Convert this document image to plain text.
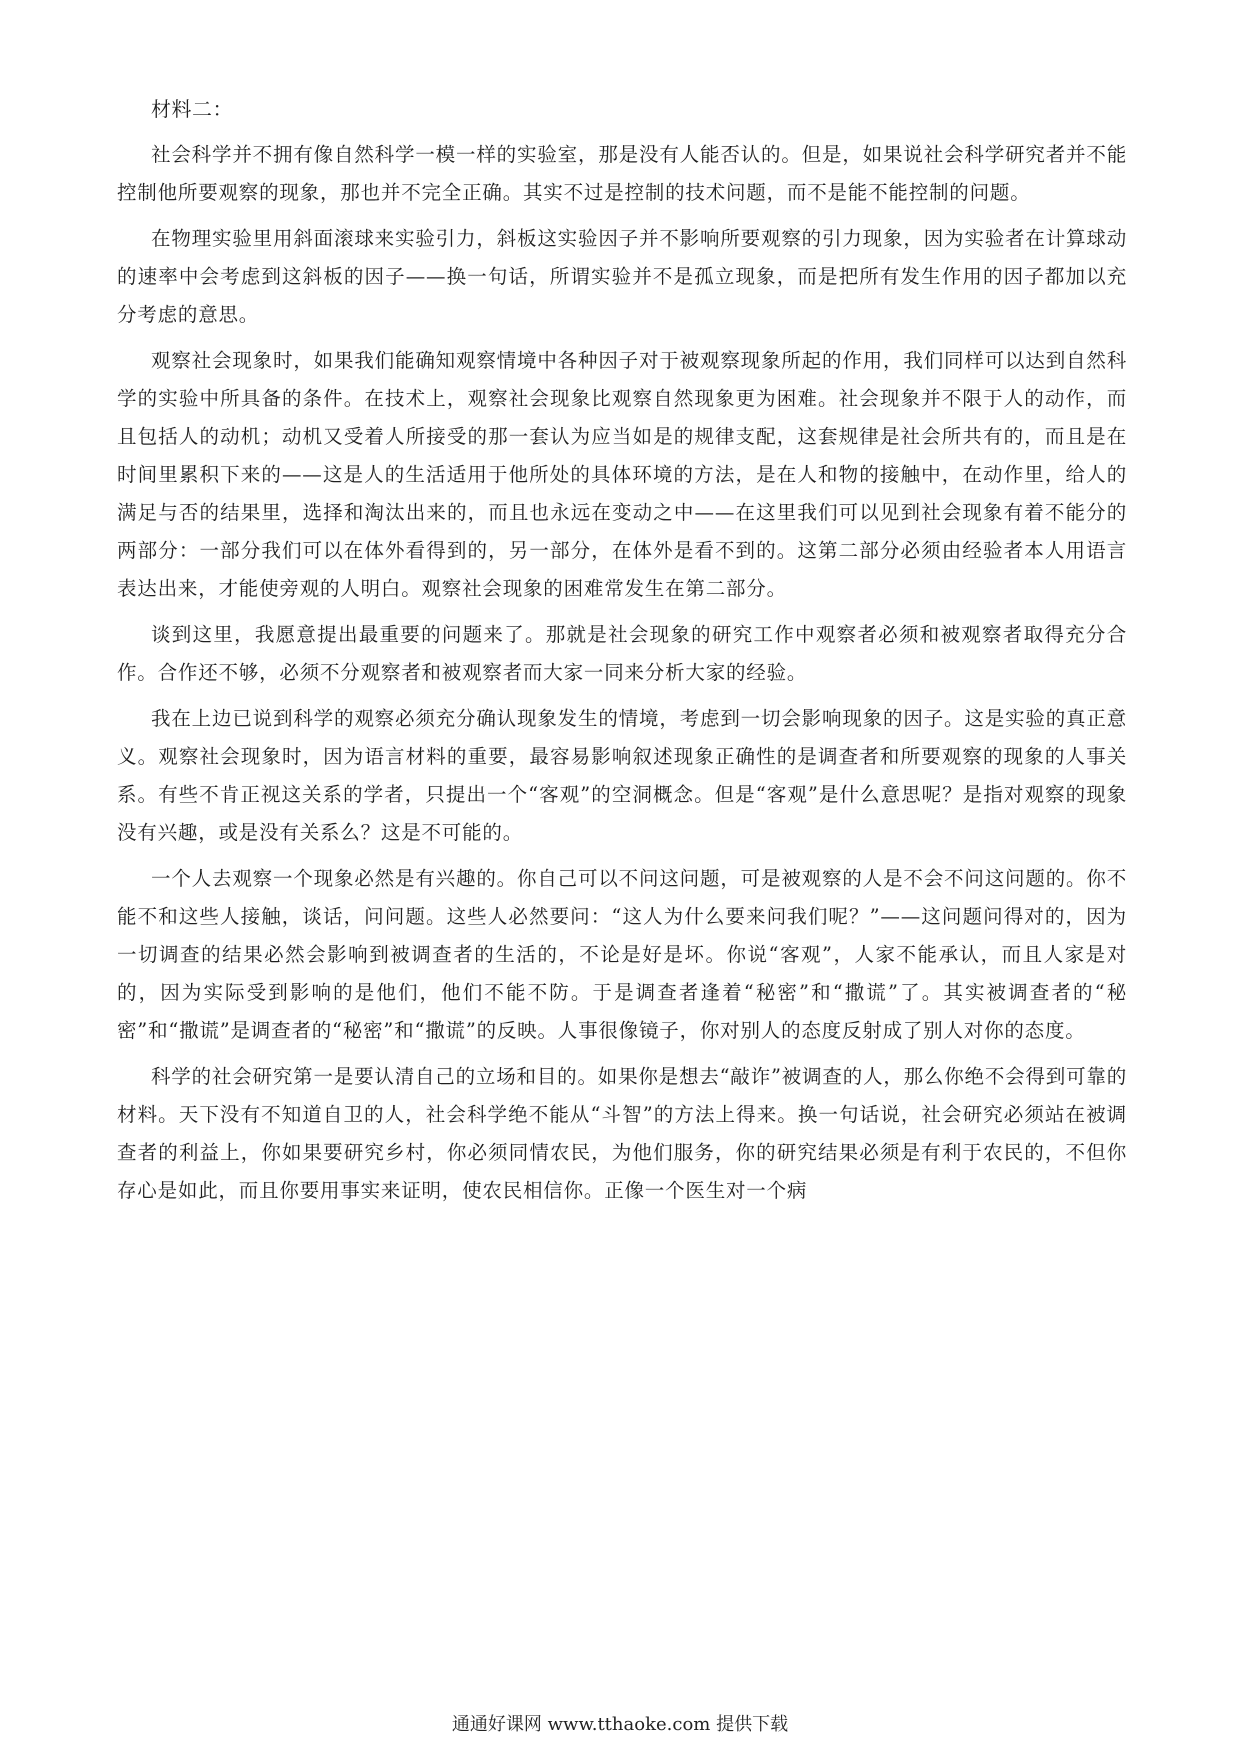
材料二：

社会科学并不拥有像自然科学一模一样的实验室，那是没有人能否认的。但是，如果说社会科学研究者并不能控制他所要观察的现象，那也并不完全正确。其实不过是控制的技术问题，而不是能不能控制的问题。

在物理实验里用斜面滚球来实验引力，斜板这实验因子并不影响所要观察的引力现象，因为实验者在计算球动的速率中会考虑到这斜板的因子——换一句话，所谓实验并不是孤立现象，而是把所有发生作用的因子都加以充分考虑的意思。

观察社会现象时，如果我们能确知观察情境中各种因子对于被观察现象所起的作用，我们同样可以达到自然科学的实验中所具备的条件。在技术上，观察社会现象比观察自然现象更为困难。社会现象并不限于人的动作，而且包括人的动机；动机又受着人所接受的那一套认为应当如是的规律支配，这套规律是社会所共有的，而且是在时间里累积下来的——这是人的生活适用于他所处的具体环境的方法，是在人和物的接触中，在动作里，给人的满足与否的结果里，选择和淘汰出来的，而且也永远在变动之中——在这里我们可以见到社会现象有着不能分的两部分：一部分我们可以在体外看得到的，另一部分，在体外是看不到的。这第二部分必须由经验者本人用语言表达出来，才能使旁观的人明白。观察社会现象的困难常发生在第二部分。

谈到这里，我愿意提出最重要的问题来了。那就是社会现象的研究工作中观察者必须和被观察者取得充分合作。合作还不够，必须不分观察者和被观察者而大家一同来分析大家的经验。

我在上边已说到科学的观察必须充分确认现象发生的情境，考虑到一切会影响现象的因子。这是实验的真正意义。观察社会现象时，因为语言材料的重要，最容易影响叙述现象正确性的是调查者和所要观察的现象的人事关系。有些不肯正视这关系的学者，只提出一个“客观”的空洞概念。但是“客观”是什么意思呢？是指对观察的现象没有兴趣，或是没有关系么？这是不可能的。

一个人去观察一个现象必然是有兴趣的。你自己可以不问这问题，可是被观察的人是不会不问这问题的。你不能不和这些人接触，谈话，问问题。这些人必然要问：“这人为什么要来问我们呢？”——这问题问得对的，因为一切调查的结果必然会影响到被调查者的生活的，不论是好是坏。你说“客观”，人家不能承认，而且人家是对的，因为实际受到影响的是他们，他们不能不防。于是调查者逢着“秘密”和“撒谎”了。其实被调查者的“秘密”和“撒谎”是调查者的“秘密”和“撒谎”的反映。人事很像镜子，你对别人的态度反射成了别人对你的态度。

科学的社会研究第一是要认清自己的立场和目的。如果你是想去“敲诈”被调查的人，那么你绝不会得到可靠的材料。天下没有不知道自卫的人，社会科学绝不能从“斗智”的方法上得来。换一句话说，社会研究必须站在被调查者的利益上，你如果要研究乡村，你必须同情农民，为他们服务，你的研究结果必须是有利于农民的，不但你存心是如此，而且你要用事实来证明，使农民相信你。正像一个医生对一个病

通通好课网 www.tthaoke.com 提供下载
